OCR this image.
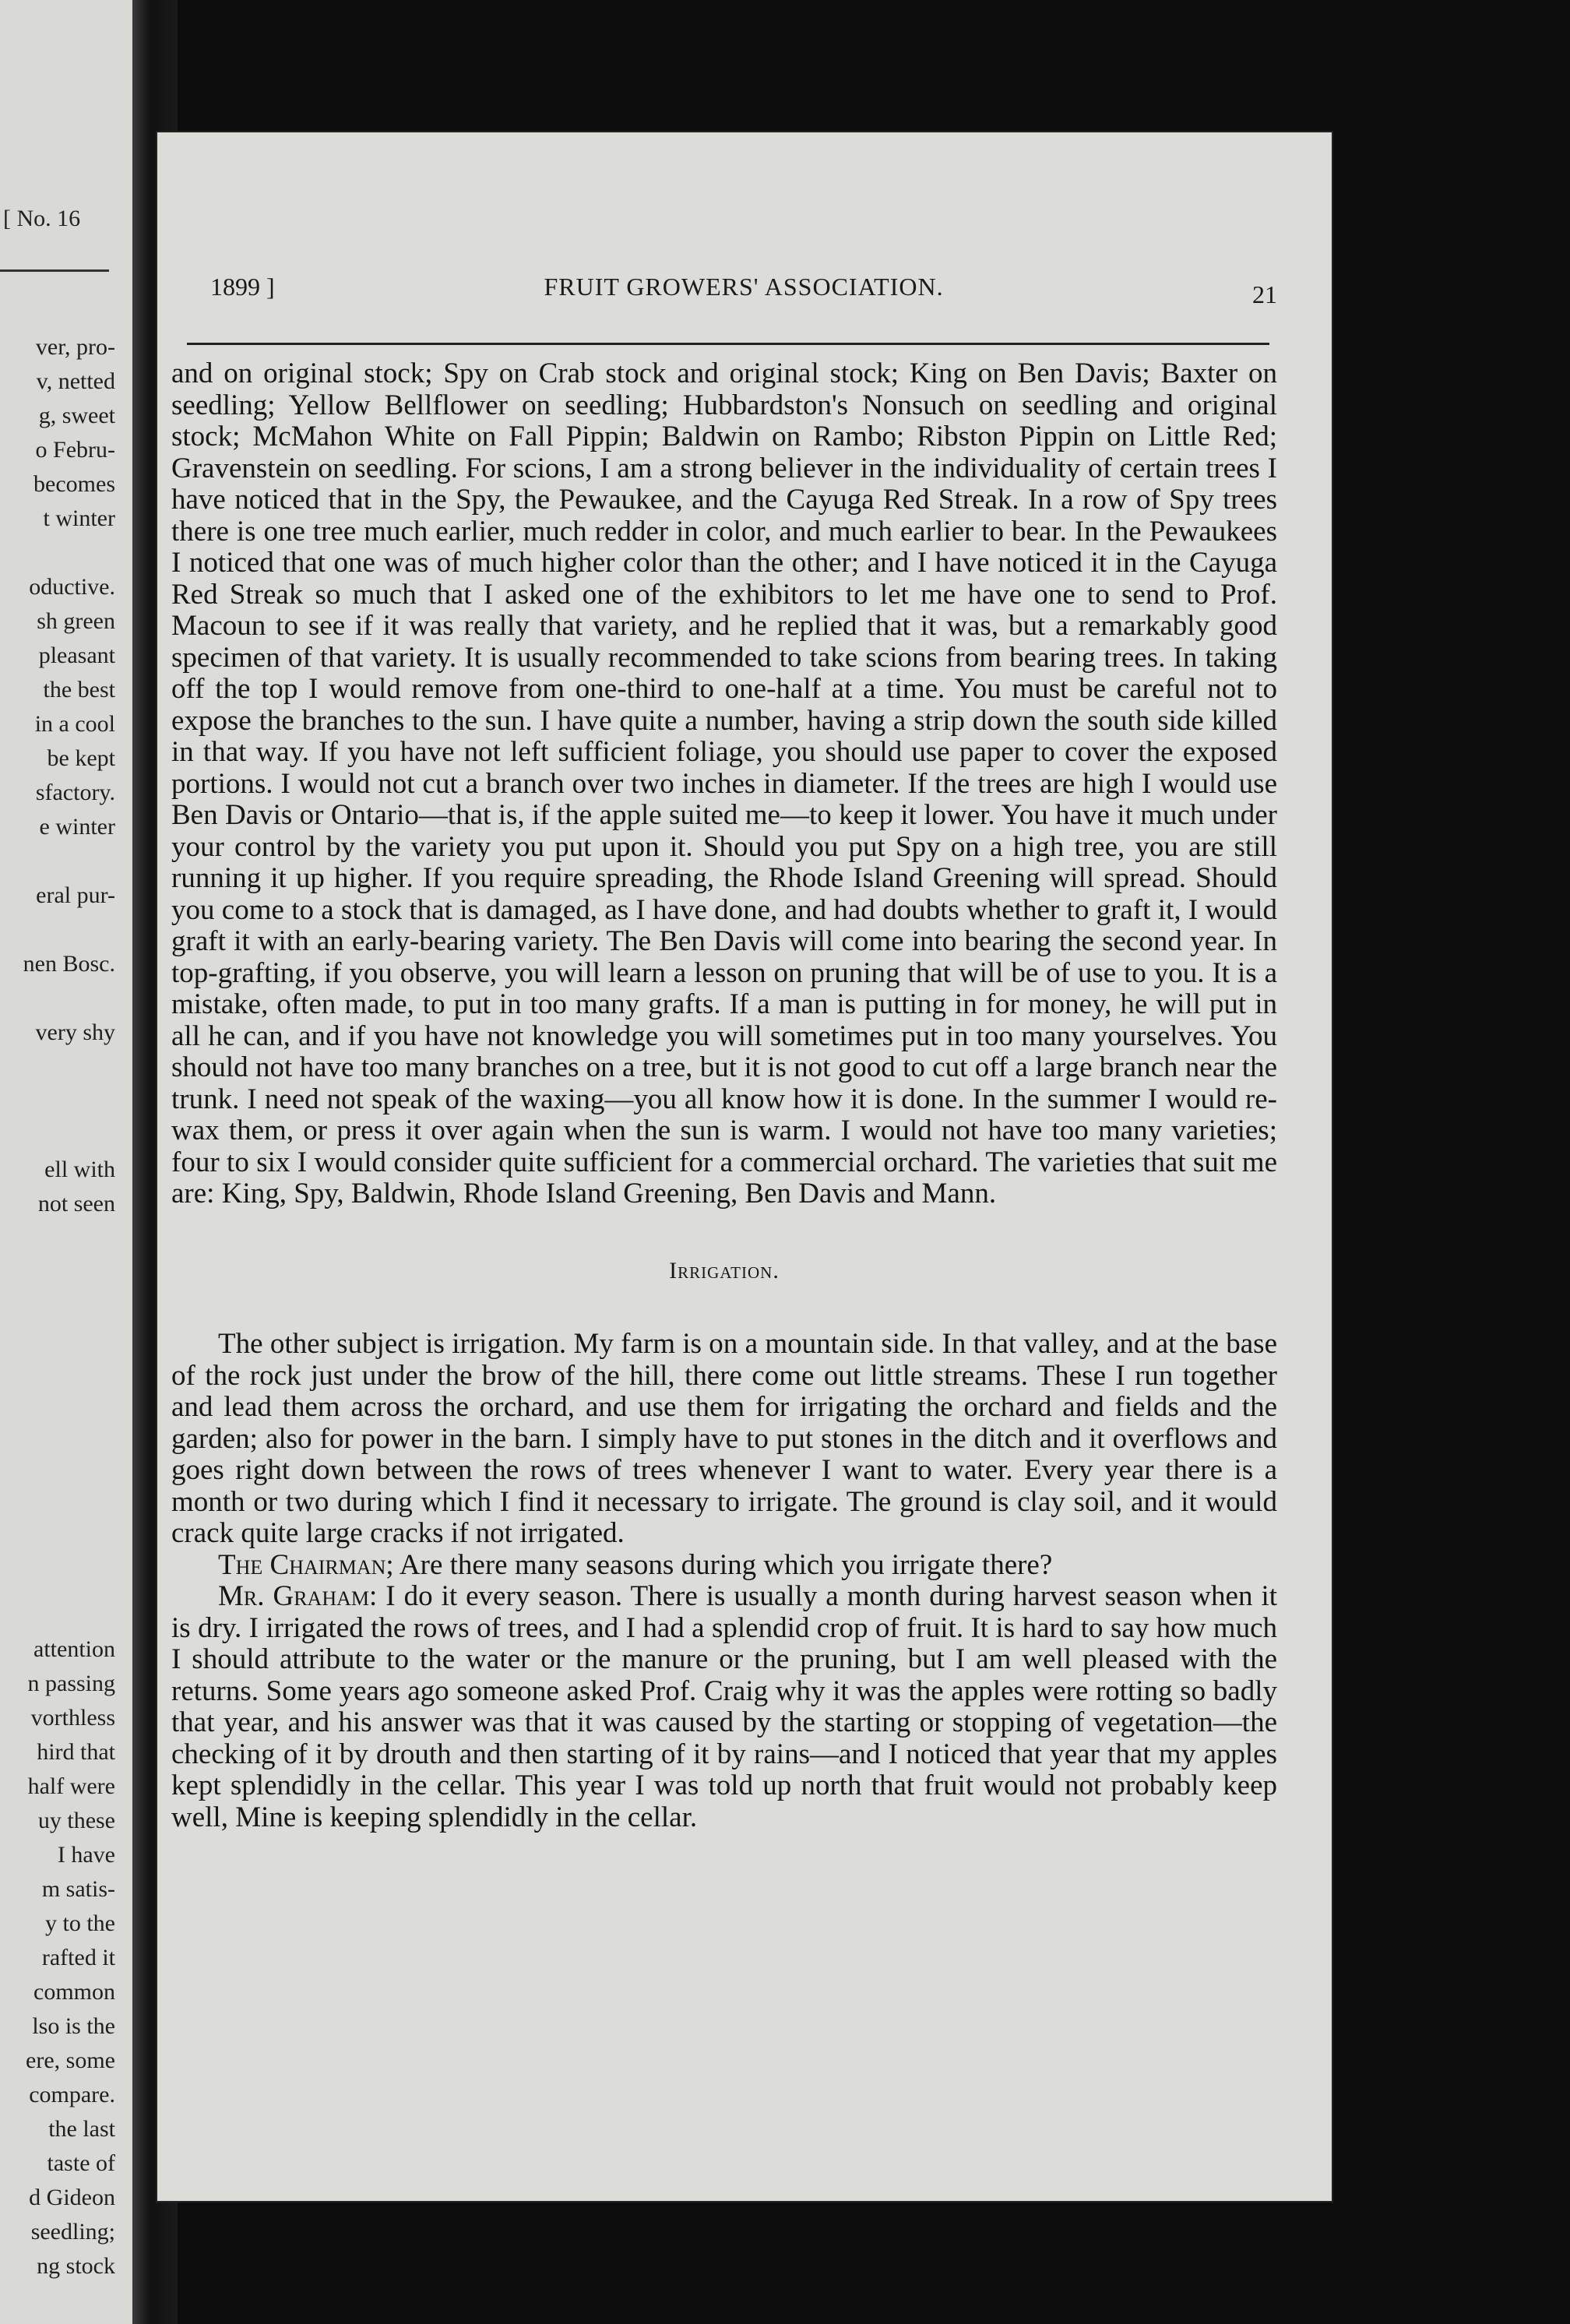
[ No. 16
ver, pro-
v, netted
g, sweet
o Febru-
becomes
t winter
oductive.
sh green
pleasant
the best
in a cool
be kept
sfactory.
e winter
eral pur-
nen Bosc.
very shy
ell with
not seen
attention
n passing
vorthless
hird that
half were
uy these
I have
m satis-
y to the
rafted it
common
lso is the
ere, some
compare.
the last
taste of
d Gideon
seedling;
ng stock
1899 ]	FRUIT GROWERS' ASSOCIATION.	21

and on original stock; Spy on Crab stock and original stock; King on Ben Davis; Baxter on seedling; Yellow Bellflower on seedling; Hubbardston's Nonsuch on seedling and original stock; McMahon White on Fall Pippin; Baldwin on Rambo; Ribston Pippin on Little Red; Gravenstein on seedling. For scions, I am a strong believer in the individuality of certain trees I have noticed that in the Spy, the Pewaukee, and the Cayuga Red Streak. In a row of Spy trees there is one tree much earlier, much redder in color, and much earlier to bear. In the Pewaukees I noticed that one was of much higher color than the other; and I have noticed it in the Cayuga Red Streak so much that I asked one of the exhibitors to let me have one to send to Prof. Macoun to see if it was really that variety, and he replied that it was, but a remarkably good specimen of that variety. It is usually recommended to take scions from bearing trees. In taking off the top I would remove from one-third to one-half at a time. You must be careful not to expose the branches to the sun. I have quite a number, having a strip down the south side killed in that way. If you have not left sufficient foliage, you should use paper to cover the exposed portions. I would not cut a branch over two inches in diameter. If the trees are high I would use Ben Davis or Ontario—that is, if the apple suited me—to keep it lower. You have it much under your control by the variety you put upon it. Should you put Spy on a high tree, you are still running it up higher. If you require spreading, the Rhode Island Greening will spread. Should you come to a stock that is damaged, as I have done, and had doubts whether to graft it, I would graft it with an early-bearing variety. The Ben Davis will come into bearing the second year. In top-grafting, if you observe, you will learn a lesson on pruning that will be of use to you. It is a mistake, often made, to put in too many grafts. If a man is putting in for money, he will put in all he can, and if you have not knowledge you will sometimes put in too many yourselves. You should not have too many branches on a tree, but it is not good to cut off a large branch near the trunk. I need not speak of the waxing—you all know how it is done. In the summer I would re-wax them, or press it over again when the sun is warm. I would not have too many varieties; four to six I would consider quite sufficient for a commercial orchard. The varieties that suit me are: King, Spy, Baldwin, Rhode Island Greening, Ben Davis and Mann.

Irrigation.

The other subject is irrigation. My farm is on a mountain side. In that valley, and at the base of the rock just under the brow of the hill, there come out little streams. These I run together and lead them across the orchard, and use them for irrigating the orchard and fields and the garden; also for power in the barn. I simply have to put stones in the ditch and it overflows and goes right down between the rows of trees whenever I want to water. Every year there is a month or two during which I find it necessary to irrigate. The ground is clay soil, and it would crack quite large cracks if not irrigated.

The Chairman; Are there many seasons during which you irrigate there?

Mr. Graham: I do it every season. There is usually a month during harvest season when it is dry. I irrigated the rows of trees, and I had a splendid crop of fruit. It is hard to say how much I should attribute to the water or the manure or the pruning, but I am well pleased with the returns. Some years ago someone asked Prof. Craig why it was the apples were rotting so badly that year, and his answer was that it was caused by the starting or stopping of vegetation—the checking of it by drouth and then starting of it by rains—and I noticed that year that my apples kept splendidly in the cellar. This year I was told up north that fruit would not probably keep well, Mine is keeping splendidly in the cellar.
